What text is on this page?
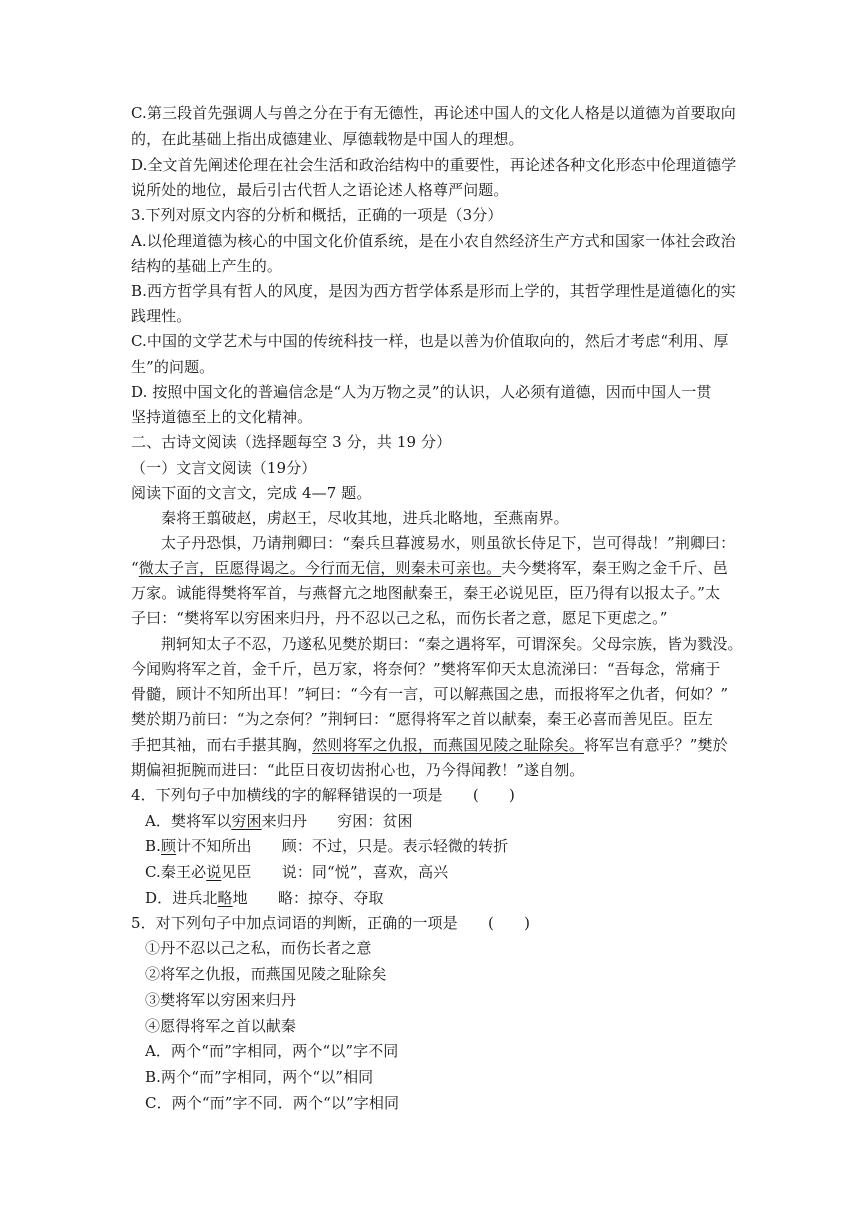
C.第三段首先强调人与兽之分在于有无德性，再论述中国人的文化人格是以道德为首要取向
的，在此基础上指出成德建业、厚德载物是中国人的理想。
D.全文首先阐述伦理在社会生活和政治结构中的重要性，再论述各种文化形态中伦理道德学
说所处的地位，最后引古代哲人之语论述人格尊严问题。
3.下列对原文内容的分析和概括，正确的一项是（3分）
A.以伦理道德为核心的中国文化价值系统，是在小农自然经济生产方式和国家一体社会政治
结构的基础上产生的。
B.西方哲学具有哲人的风度，是因为西方哲学体系是形而上学的，其哲学理性是道德化的实
践理性。
C.中国的文学艺术与中国的传统科技一样，也是以善为价值取向的，然后才考虑“利用、厚
生”的问题。
D. 按照中国文化的普遍信念是“人为万物之灵”的认识，人必须有道德，因而中国人一贯
坚持道德至上的文化精神。
二、古诗文阅读（选择题每空 3 分，共 19 分）
（一）文言文阅读（19分）
阅读下面的文言文，完成 4—7 题。
秦将王翦破赵，虏赵王，尽收其地，进兵北略地，至燕南界。
太子丹恐惧，乃请荆卿曰：“秦兵旦暮渡易水，则虽欲长侍足下，岂可得哉！”荆卿曰：
“微太子言，臣愿得谒之。今行而无信，则秦未可亲也。夫今樊将军，秦王购之金千斤、邑
万家。诚能得樊将军首，与燕督亢之地图献秦王，秦王必说见臣，臣乃得有以报太子。”太
子曰：“樊将军以穷困来归丹，丹不忍以己之私，而伤长者之意，愿足下更虑之。”
荆轲知太子不忍，乃遂私见樊於期曰：“秦之遇将军，可谓深矣。父母宗族，皆为戮没。
今闻购将军之首，金千斤，邑万家，将奈何？”樊将军仰天太息流涕曰：“吾每念，常痛于
骨髓，顾计不知所出耳！”轲曰：“今有一言，可以解燕国之患，而报将军之仇者，何如？”
樊於期乃前曰：“为之奈何？”荆轲曰：“愿得将军之首以献秦，秦王必喜而善见臣。臣左
手把其袖，而右手揕其胸，然则将军之仇报，而燕国见陵之耻除矣。将军岂有意乎？”樊於
期偏袒扼腕而进曰：“此臣日夜切齿拊心也，乃今得闻教！”遂自刎。
4．下列句子中加横线的字的解释错误的一项是　　(　　)
A．樊将军以穷困来归丹　　穷困：贫困
B.顾计不知所出　　顾：不过，只是。表示轻微的转折
C.秦王必说见臣　　说：同“悦”，喜欢，高兴
D．进兵北略地　　略：掠夺、夺取
5．对下列句子中加点词语的判断，正确的一项是　　(　　)
①丹不忍以己之私，而伤长者之意
②将军之仇报，而燕国见陵之耻除矣
③樊将军以穷困来归丹
④愿得将军之首以献秦
A．两个“而”字相同，两个“以”字不同
B.两个“而”字相同，两个“以”相同
C．两个“而”字不同．两个“以”字相同
